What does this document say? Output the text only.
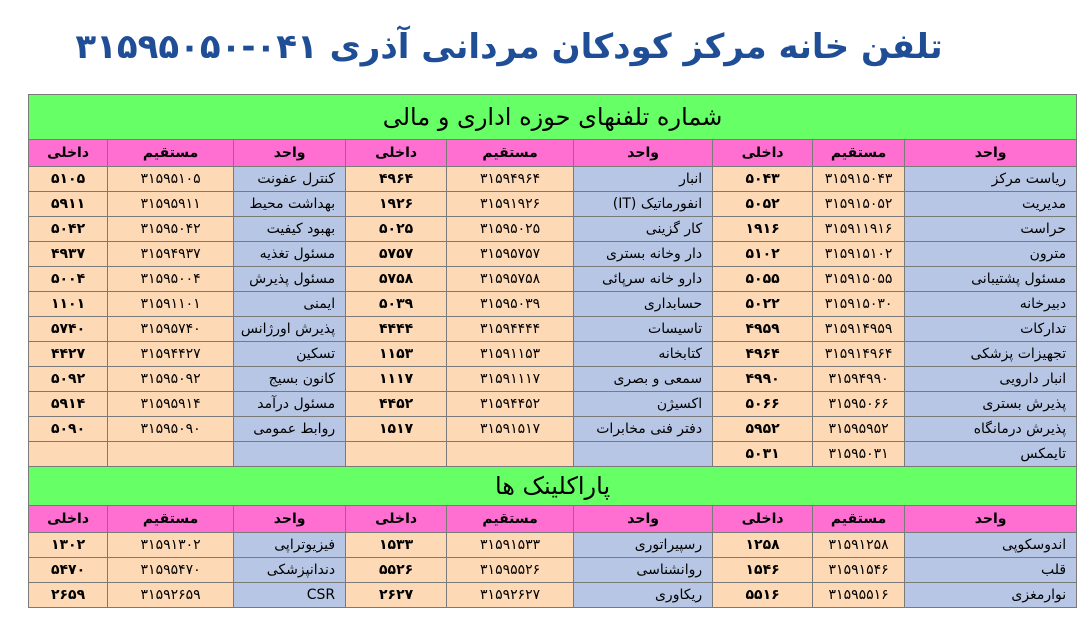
تلفن خانه مرکز کودکان مردانی آذری ۰۴۱-۳۱۵۹۵۰۵۰
شماره تلفنهای حوزه اداری و مالی								
واحد	مستقیم	داخلی	واحد	مستقیم	داخلی	واحد	مستقیم	داخلی
ریاست مرکز	۳۱۵۹۱۵۰۴۳	۵۰۴۳	انبار	۳۱۵۹۴۹۶۴	۴۹۶۴	کنترل عفونت	۳۱۵۹۵۱۰۵	۵۱۰۵
مدیریت	۳۱۵۹۱۵۰۵۲	۵۰۵۲	انفورماتیک (IT)	۳۱۵۹۱۹۲۶	۱۹۲۶	بهداشت محیط	۳۱۵۹۵۹۱۱	۵۹۱۱
حراست	۳۱۵۹۱۱۹۱۶	۱۹۱۶	کار گزینی	۳۱۵۹۵۰۲۵	۵۰۲۵	بهبود کیفیت	۳۱۵۹۵۰۴۲	۵۰۴۲
مترون	۳۱۵۹۱۵۱۰۲	۵۱۰۲	دار وخانه بستری	۳۱۵۹۵۷۵۷	۵۷۵۷	مسئول تغذیه	۳۱۵۹۴۹۳۷	۴۹۳۷
مسئول پشتیبانی	۳۱۵۹۱۵۰۵۵	۵۰۵۵	دارو خانه سرپائی	۳۱۵۹۵۷۵۸	۵۷۵۸	مسئول پذیرش	۳۱۵۹۵۰۰۴	۵۰۰۴
دبیرخانه	۳۱۵۹۱۵۰۳۰	۵۰۲۲	حسابداری	۳۱۵۹۵۰۳۹	۵۰۳۹	ایمنی	۳۱۵۹۱۱۰۱	۱۱۰۱
تدارکات	۳۱۵۹۱۴۹۵۹	۴۹۵۹	تاسیسات	۳۱۵۹۴۴۴۴	۴۴۴۴	پذیرش اورژانس	۳۱۵۹۵۷۴۰	۵۷۴۰
تجهیزات پزشکی	۳۱۵۹۱۴۹۶۴	۴۹۶۴	کتابخانه	۳۱۵۹۱۱۵۳	۱۱۵۳	تسکین	۳۱۵۹۴۴۲۷	۴۴۲۷
انبار دارویی	۳۱۵۹۴۹۹۰	۴۹۹۰	سمعی و بصری	۳۱۵۹۱۱۱۷	۱۱۱۷	کانون بسیج	۳۱۵۹۵۰۹۲	۵۰۹۲
پذیرش بستری	۳۱۵۹۵۰۶۶	۵۰۶۶	اکسیژن	۳۱۵۹۴۴۵۲	۴۴۵۲	مسئول درآمد	۳۱۵۹۵۹۱۴	۵۹۱۴
پذیرش درمانگاه	۳۱۵۹۵۹۵۲	۵۹۵۲	دفتر فنی مخابرات	۳۱۵۹۱۵۱۷	۱۵۱۷	روابط عمومی	۳۱۵۹۵۰۹۰	۵۰۹۰
تایمکس	۳۱۵۹۵۰۳۱	۵۰۳۱						
پاراکلینک ها								
واحد	مستقیم	داخلی	واحد	مستقیم	داخلی	واحد	مستقیم	داخلی
اندوسکوپی	۳۱۵۹۱۲۵۸	۱۲۵۸	رسپیراتوری	۳۱۵۹۱۵۳۳	۱۵۳۳	فیزیوتراپی	۳۱۵۹۱۳۰۲	۱۳۰۲
قلب	۳۱۵۹۱۵۴۶	۱۵۴۶	روانشناسی	۳۱۵۹۵۵۲۶	۵۵۲۶	دندانپزشکی	۳۱۵۹۵۴۷۰	۵۴۷۰
نوارمغزی	۳۱۵۹۵۵۱۶	۵۵۱۶	ریکاوری	۳۱۵۹۲۶۲۷	۲۶۲۷	CSR	۳۱۵۹۲۶۵۹	۲۶۵۹
